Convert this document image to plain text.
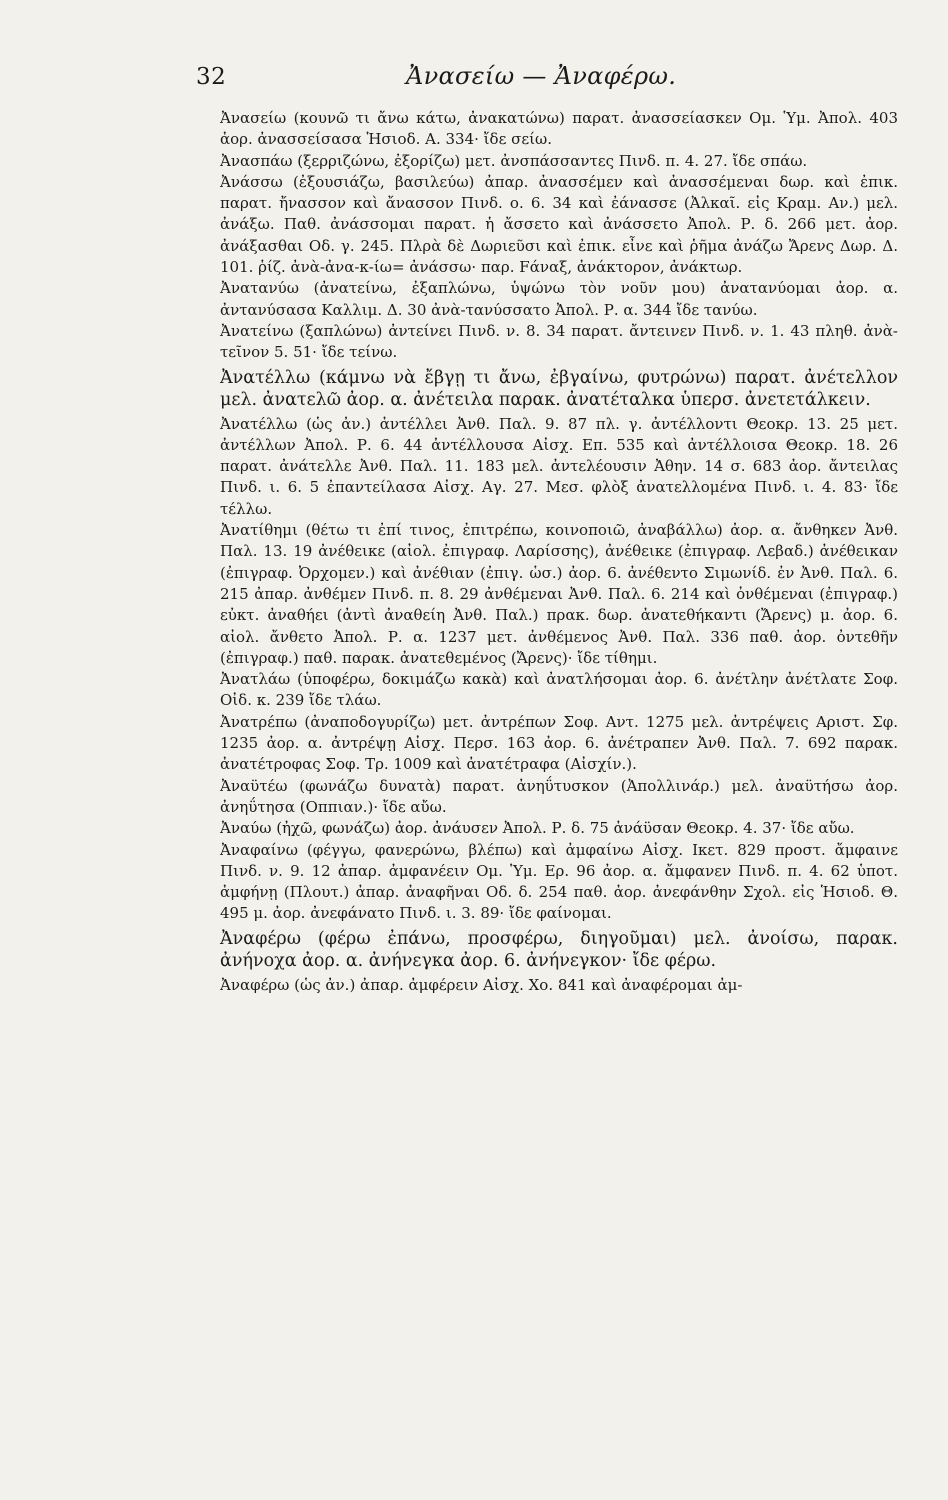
32	Ἀνασείω — Ἀναφέρω.

Ἀνασείω (κουνῶ τι ἄνω κάτω, ἀνακατώνω) παρατ. ἀνασσείασκεν Ομ. Ὑμ. Ἀπολ. 403 ἀορ. ἀνασσείσασα Ἡσιοδ. Α. 334· ἴδε σείω.

Ἀνασπάω (ξερριζώνω, ἐξορίζω) μετ. ἀνσπάσσαντες Πινδ. π. 4. 27. ἴδε σπάω.

Ἀνάσσω (ἐξουσιάζω, βασιλεύω) ἀπαρ. ἀνασσέμεν καὶ ἀνασσέμεναι δωρ. καὶ ἐπικ. παρατ. ἤνασσον καὶ ἄνασσον Πινδ. ο. 6. 34 καὶ ἐάνασσε (Ἀλκαῖ. εἰς Κραμ. Αν.) μελ. ἀνάξω. Παθ. ἀνάσσομαι παρατ. ἡ ἄσσετο καὶ ἀνάσσετο Ἀπολ. Ρ. δ. 266 μετ. ἀορ. ἀνάξασθαι Οδ. γ. 245. Πλρὰ δὲ Δωριεῦσι καὶ ἐπικ. εἶνε καὶ ῥῆμα ἀνάζω Ἄρενς Δωρ. Δ. 101. ῥίζ. ἀνὰ-ἀνα-κ-ίω= ἀνάσσω· παρ. Fάναξ, ἀνάκτορον, ἀνάκτωρ.

Ἀνατανύω (ἀνατείνω, ἐξαπλώνω, ὑψώνω τὸν νοῦν μου) ἀνατανύομαι ἀορ. α. ἀντανύσασα Καλλιμ. Δ. 30 ἀνὰ-τανύσσατο Ἀπολ. Ρ. α. 344 ἴδε τανύω.

Ἀνατείνω (ξαπλώνω) ἀντείνει Πινδ. ν. 8. 34 παρατ. ἄντεινεν Πινδ. ν. 1. 43 πληθ. ἀνὰ-τεῖνον 5. 51· ἴδε τείνω.

Ἀνατέλλω (κάμνω νὰ ἔβγῃ τι ἄνω, ἐβγαίνω, φυτρώνω) παρατ. ἀνέτελλον μελ. ἀνατελῶ ἀορ. α. ἀνέτειλα παρακ. ἀνατέταλκα ὑπερσ. ἀνετετάλκειν.

Ἀνατέλλω (ὡς ἀν.) ἀντέλλει Ἀνθ. Παλ. 9. 87 πλ. γ. ἀντέλλοντι Θεοκρ. 13. 25 μετ. ἀντέλλων Ἀπολ. Ρ. 6. 44 ἀντέλλουσα Αἰσχ. Επ. 535 καὶ ἀντέλλοισα Θεοκρ. 18. 26 παρατ. ἀνάτελλε Ἀνθ. Παλ. 11. 183 μελ. ἀντελέουσιν Ἀθην. 14 σ. 683 ἀορ. ἄντειλας Πινδ. ι. 6. 5 ἐπαντείλασα Αἰσχ. Αγ. 27. Μεσ. φλὸξ ἀνατελλομένα Πινδ. ι. 4. 83· ἴδε τέλλω.

Ἀνατίθημι (θέτω τι ἐπί τινος, ἐπιτρέπω, κοινοποιῶ, ἀναβάλλω) ἀορ. α. ἄνθηκεν Ἀνθ. Παλ. 13. 19 ἀνέθεικε (αἰολ. ἐπιγραφ. Λαρίσσης), ἀνέθεικε (ἐπιγραφ. Λεβαδ.) ἀνέθεικαν (ἐπιγραφ. Ὀρχομεν.) καὶ ἀνέθιαν (ἐπιγ. ὡσ.) ἀορ. 6. ἀνέθεντο Σιμωνίδ. ἐν Ἀνθ. Παλ. 6. 215 ἀπαρ. ἀνθέμεν Πινδ. π. 8. 29 ἀνθέμεναι Ἀνθ. Παλ. 6. 214 καὶ ὀνθέμεναι (ἐπιγραφ.) εὐκτ. ἀναθήει (ἀντὶ ἀναθείη Ἀνθ. Παλ.) πρακ. δωρ. ἀνατεθήκαντι (Ἄρενς) μ. ἀορ. 6. αἰολ. ἄνθετο Ἀπολ. Ρ. α. 1237 μετ. ἀνθέμενος Ἀνθ. Παλ. 336 παθ. ἀορ. ὀντεθῆν (ἐπιγραφ.) παθ. παρακ. ἀνατεθεμένος (Ἄρενς)· ἴδε τίθημι.

Ἀνατλάω (ὑποφέρω, δοκιμάζω κακὰ) καὶ ἀνατλήσομαι ἀορ. 6. ἀνέτλην ἀνέτλατε Σοφ. Οἰδ. κ. 239 ἴδε τλάω.

Ἀνατρέπω (ἀναποδογυρίζω) μετ. ἀντρέπων Σοφ. Αντ. 1275 μελ. ἀντρέψεις Αριστ. Σφ. 1235 ἀορ. α. ἀντρέψῃ Αἰσχ. Περσ. 163 ἀορ. 6. ἀνέτραπεν Ἀνθ. Παλ. 7. 692 παρακ. ἀνατέτροφας Σοφ. Τρ. 1009 καὶ ἀνατέτραφα (Αἰσχίν.).

Ἀναϋτέω (φωνάζω δυνατὰ) παρατ. ἀνηΰτυσκον (Ἀπολλινάρ.) μελ. ἀναϋτήσω ἀορ. ἀνηΰτησα (Οππιαν.)· ἴδε αὔω.

Ἀναύω (ἠχῶ, φωνάζω) ἀορ. ἀνάυσεν Ἀπολ. Ρ. δ. 75 ἀνάϋσαν Θεοκρ. 4. 37· ἴδε αὔω.

Ἀναφαίνω (φέγγω, φανερώνω, βλέπω) καὶ ἀμφαίνω Αἰσχ. Ικετ. 829 προστ. ἄμφαινε Πινδ. ν. 9. 12 ἀπαρ. ἀμφανέειν Ομ. Ὑμ. Ερ. 96 ἀορ. α. ἄμφανεν Πινδ. π. 4. 62 ὑποτ. ἀμφήνῃ (Πλουτ.) ἀπαρ. ἀναφῆναι Οδ. δ. 254 παθ. ἀορ. ἀνεφάνθην Σχολ. εἰς Ἡσιοδ. Θ. 495 μ. ἀορ. ἀνεφάνατο Πινδ. ι. 3. 89· ἴδε φαίνομαι.

Ἀναφέρω (φέρω ἐπάνω, προσφέρω, διηγοῦμαι) μελ. ἀνοίσω, παρακ. ἀνήνοχα ἀορ. α. ἀνήνεγκα ἀορ. 6. ἀνήνεγκον· ἴδε φέρω.

Ἀναφέρω (ὡς ἀν.) ἀπαρ. ἀμφέρειν Αἰσχ. Χο. 841 καὶ ἀναφέρομαι ἀμ-
